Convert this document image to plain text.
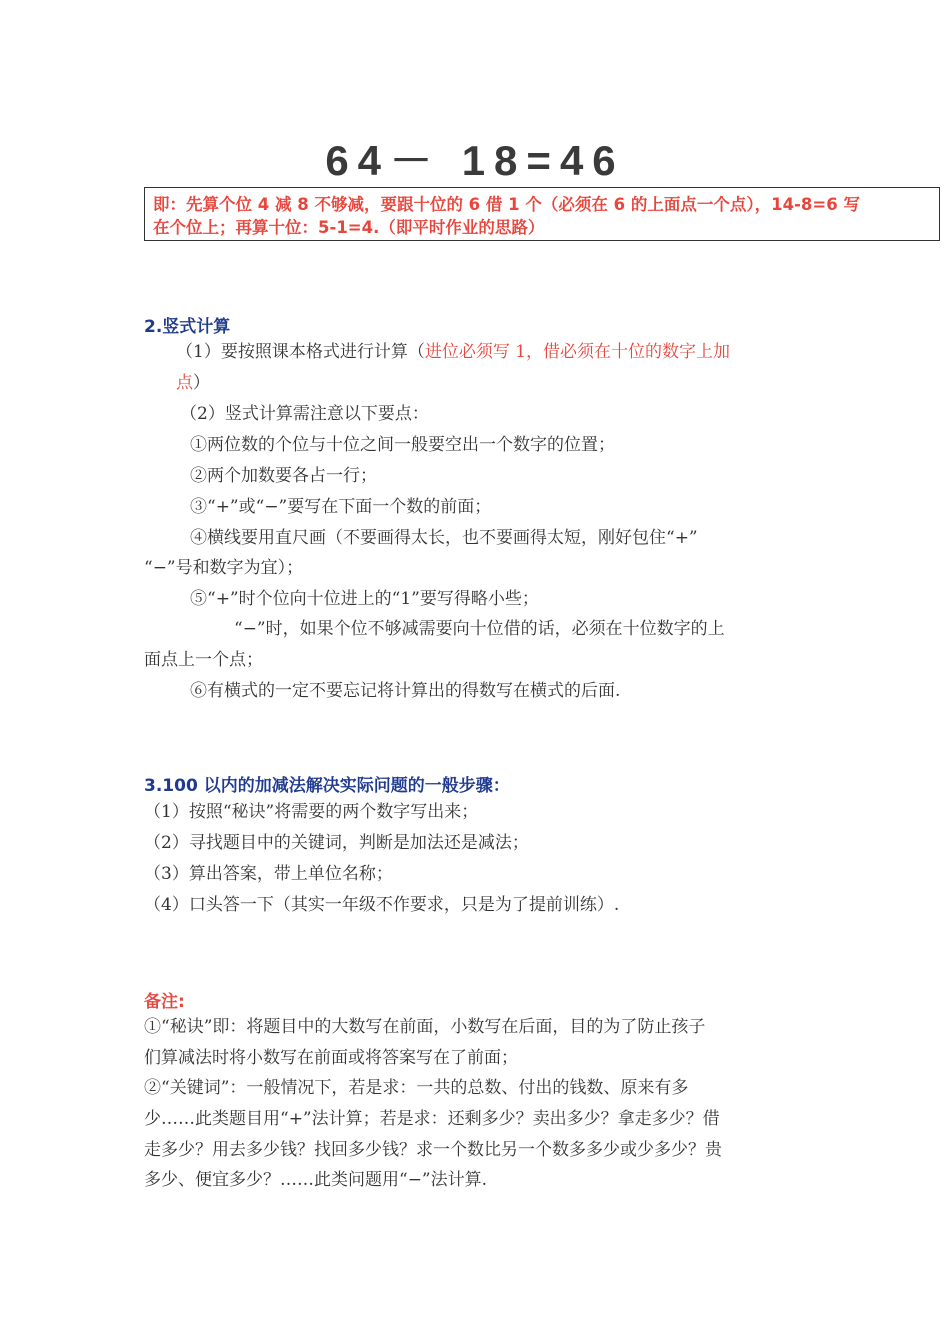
64－ 18=46
即：先算个位 4 减 8 不够减，要跟十位的 6 借 1 个（必须在 6 的上面点一个点），14-8=6 写
在个位上；再算十位：5-1=4.（即平时作业的思路）
2.竖式计算
（1）要按照课本格式进行计算（进位必须写 1，借必须在十位的数字上加
点）
（2）竖式计算需注意以下要点：
①两位数的个位与十位之间一般要空出一个数字的位置；
②两个加数要各占一行；
③“+”或“−”要写在下面一个数的前面；
④横线要用直尺画（不要画得太长，也不要画得太短，刚好包住“+”
“−”号和数字为宜）；
⑤“+”时个位向十位进上的“1”要写得略小些；
“−”时，如果个位不够减需要向十位借的话，必须在十位数字的上
面点上一个点；
⑥有横式的一定不要忘记将计算出的得数写在横式的后面.
3.100 以内的加减法解决实际问题的一般步骤：
（1）按照“秘诀”将需要的两个数字写出来；
（2）寻找题目中的关键词，判断是加法还是减法；
（3）算出答案，带上单位名称；
（4）口头答一下（其实一年级不作要求，只是为了提前训练）.
备注:
①“秘诀”即：将题目中的大数写在前面，小数写在后面，目的为了防止孩子
们算减法时将小数写在前面或将答案写在了前面；
②“关键词”：一般情况下，若是求：一共的总数、付出的钱数、原来有多
少……此类题目用“+”法计算；若是求：还剩多少？卖出多少？拿走多少？借
走多少？用去多少钱？找回多少钱？求一个数比另一个数多多少或少多少？贵
多少、便宜多少？……此类问题用“−”法计算.
